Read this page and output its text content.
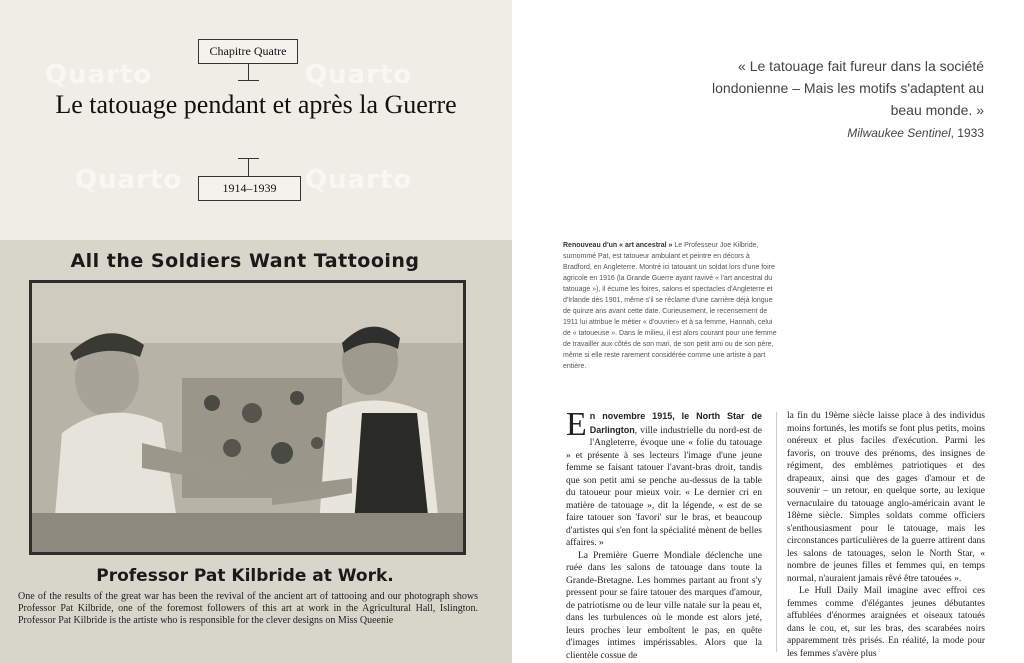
Quarto	Quarto
Quarto	Quarto
Chapitre Quatre
Le tatouage pendant et après la Guerre
1914–1939
All the Soldiers Want Tattooing
Professor Pat Kilbride at Work.

One of the results of the great war has been the revival of the ancient art of tattooing and our photograph shows Professor Pat Kilbride, one of the foremost followers of this art at work in the Agricultural Hall, Islington. Professor Pat Kilbride is the artiste who is responsible for the clever designs on Miss Queenie

« Le tatouage fait fureur dans la société londonienne – Mais les motifs s'adaptent au beau monde. »

Milwaukee Sentinel, 1933

Renouveau d'un « art ancestral » Le Professeur Joe Kilbride, surnommé Pat, est tatoueur ambulant et peintre en décors à Bradford, en Angleterre. Montré ici tatouant un soldat lors d'une foire agricole en 1916 (la Grande Guerre ayant ravivé « l'art ancestral du tatouage »), il écume les foires, salons et spectacles d'Angleterre et d'Irlande dès 1901, même s'il se réclame d'une carrière déjà longue de quinze ans avant cette date. Curieusement, le recensement de 1911 lui attribue le métier « d'ouvrier» et à sa femme, Hannah, celui de « tatoueuse ». Dans le milieu, il est alors courant pour une femme de travailler aux côtés de son mari, de son petit ami ou de son père, même si elle reste rarement considérée comme une artiste à part entière.

En novembre 1915, le North Star de Darlington, ville industrielle du nord-est de l'Angleterre, évoque une « folie du tatouage » et présente à ses lecteurs l'image d'une jeune femme se faisant tatouer l'avant-bras droit, tandis que son petit ami se penche au-dessus de la table du tatoueur pour mieux voir. « Le dernier cri en matière de tatouage », dit la légende, « est de se faire tatouer son 'favori' sur le bras, et beaucoup d'artistes qui s'en font la spécialité mènent de belles affaires. »

La Première Guerre Mondiale déclenche une ruée dans les salons de tatouage dans toute la Grande-Bretagne. Les hommes partant au front s'y pressent pour se faire tatouer des marques d'amour, de patriotisme ou de leur ville natale sur la peau et, dans les turbulences où le monde est alors jeté, leurs proches leur emboîtent le pas, en quête d'images intimes impérissables. Alors que la clientèle cossue de

la fin du 19ème siècle laisse place à des individus moins fortunés, les motifs se font plus petits, moins onéreux et plus faciles d'exécution. Parmi les favoris, on trouve des prénoms, des insignes de régiment, des emblèmes patriotiques et des drapeaux, ainsi que des gages d'amour et de souvenir – un retour, en quelque sorte, au lexique vernaculaire du tatouage anglo-américain avant le 18ème siècle. Simples soldats comme officiers s'enthousiasment pour le tatouage, mais les circonstances particulières de la guerre attirent dans les salons de tatouages, selon le North Star, « nombre de jeunes filles et femmes qui, en temps normal, n'auraient jamais rêvé être tatouées ».

Le Hull Daily Mail imagine avec effroi ces femmes comme d'élégantes jeunes débutantes affublées d'énormes araignées et oiseaux tatoués dans le cou, et, sur les bras, des scarabées noirs apparemment très prisés. En réalité, la mode pour les femmes s'avère plus
